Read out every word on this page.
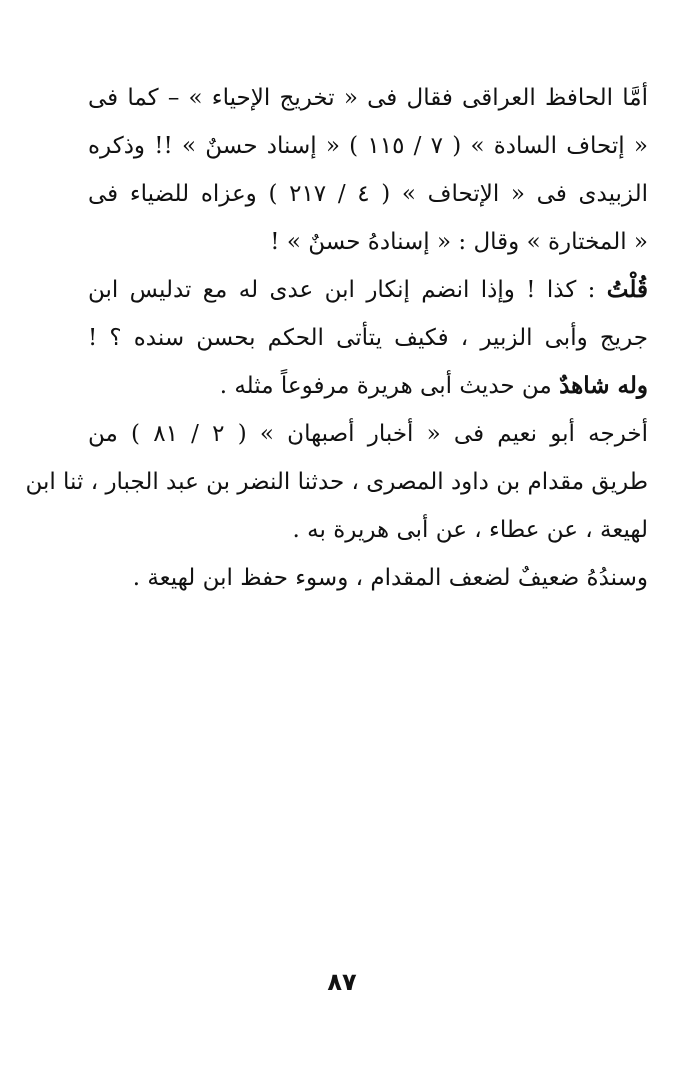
أمَّا الحافظ العراقى فقال فى « تخريج الإحياء » – كما فى
« إتحاف السادة » ( ٧ / ١١٥ ) « إسناد حسنٌ » !! وذكره
الزبيدى فى « الإتحاف » ( ٤ / ٢١٧ ) وعزاه للضياء فى
« المختارة » وقال : « إسنادهُ حسنٌ » !
قُلْتُ : كذا ! وإذا انضم إنكار ابن عدى له مع تدليس ابن
جريج وأبى الزبير ، فكيف يتأتى الحكم بحسن سنده ؟ !
وله شاهدٌ من حديث أبى هريرة مرفوعاً مثله .
أخرجه أبو نعيم فى « أخبار أصبهان » ( ٢ / ٨١ ) من
طريق مقدام بن داود المصرى ، حدثنا النضر بن عبد الجبار ، ثنا ابن
لهيعة ، عن عطاء ، عن أبى هريرة به .
وسندُهُ ضعيفٌ لضعف المقدام ، وسوء حفظ ابن لهيعة .
٨٧
